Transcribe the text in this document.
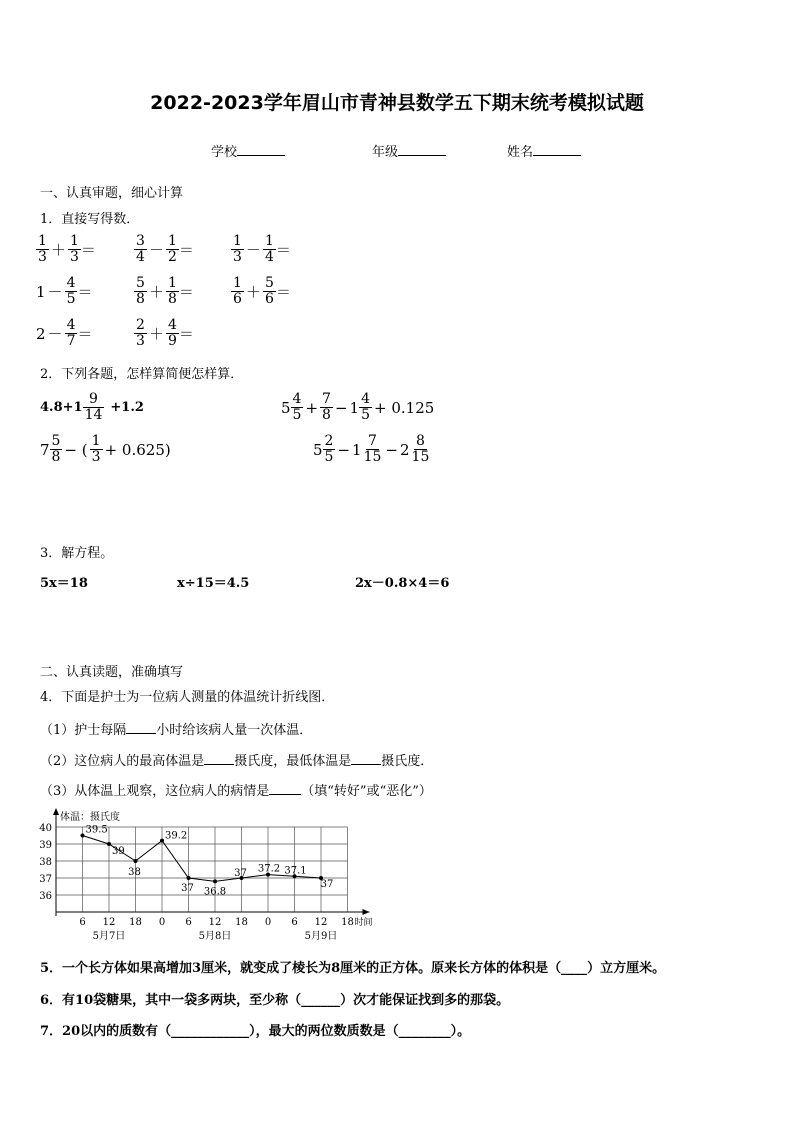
2022-2023学年眉山市青神县数学五下期末统考模拟试题
学校	年级	姓名
一、认真审题，细心计算
1．直接写得数．
$\frac{1}{3} + \frac{1}{3}$ ＝	$\frac{3}{4} - \frac{1}{2}$ ＝	$\frac{1}{3} - \frac{1}{4}$ ＝
$1 - \frac{4}{5}$ ＝	$\frac{5}{8} + \frac{1}{8}$ ＝	$\frac{1}{6} + \frac{5}{6}$ ＝
$2 - \frac{4}{7}$ ＝	$\frac{2}{3} + \frac{4}{9}$ ＝
2．下列各题，怎样算简便怎样算．
$4.8+1 \frac{9}{14} +1.2$	$5 \frac{4}{5} + \frac{7}{8} - 1 \frac{4}{5} + 0.125$
$7 \frac{5}{8}$ − ( $\frac{1}{3} + 0.625$)	$5 \frac{2}{5} - 1 \frac{7}{15} - 2 \frac{8}{15}$
3．解方程。
5x＝18	x÷15＝4.5	2x－0.8×4＝6
二、认真读题，准确填写
4．下面是护士为一位病人测量的体温统计折线图．
（1）护士每隔 小时给该病人量一次体温．
（2）这位病人的最高体温是 摄氏度，最低体温是 摄氏度．
（3）从体温上观察，这位病人的病情是 （填“转好”或“恶化”）
体温：摄氏度
36
37
38
39
40
6 12 18 0 6 12 18 0 6 12 18 时间
5月7日	5月8日	5月9日
39.5
39
38
39.2
37 36.8
37 37.2 37.1
37
5．一个长方体如果高增加3厘米，就变成了棱长为8厘米的正方体。原来长方体的体积是（____）立方厘米。
6．有10袋糖果，其中一袋多两块，至少称（______）次才能保证找到多的那袋。
7．20以内的质数有（____________），最大的两位数质数是（________）。
